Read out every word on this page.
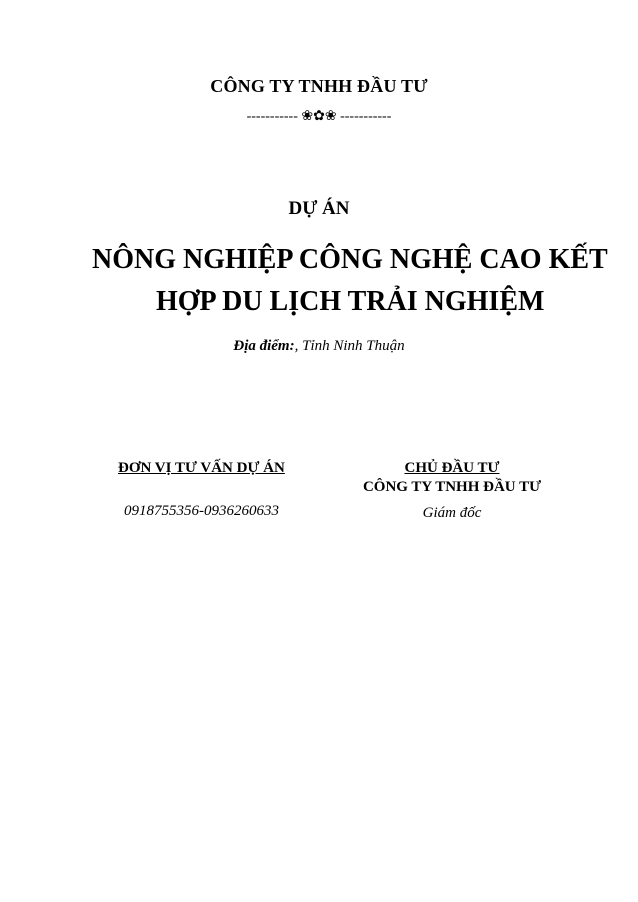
CÔNG TY TNHH ĐẦU TƯ
----------- ❀✿❀ -----------
DỰ ÁN
NÔNG NGHIỆP CÔNG NGHỆ CAO KẾT
HỢP DU LỊCH TRẢI NGHIỆM
Địa điểm:, Tỉnh Ninh Thuận
ĐƠN VỊ TƯ VẤN DỰ ÁN
0918755356-0936260633
CHỦ ĐẦU TƯ
CÔNG TY TNHH ĐẦU TƯ
Giám đốc
